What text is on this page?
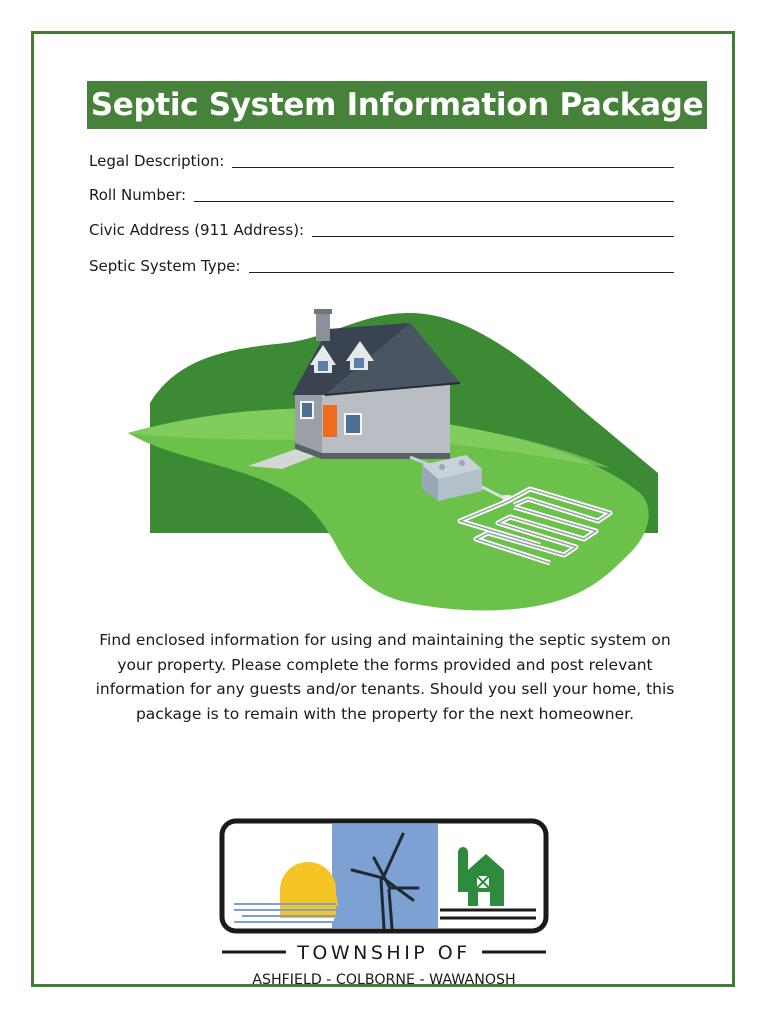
Septic System Information Package
Legal Description:
Roll Number:
Civic Address (911 Address):
Septic System Type:
Find enclosed information for using and maintaining the septic system on your property. Please complete the forms provided and post relevant information for any guests and/or tenants. Should you sell your home, this package is to remain with the property for the next homeowner.
TOWNSHIP OF
ASHFIELD - COLBORNE - WAWANOSH
